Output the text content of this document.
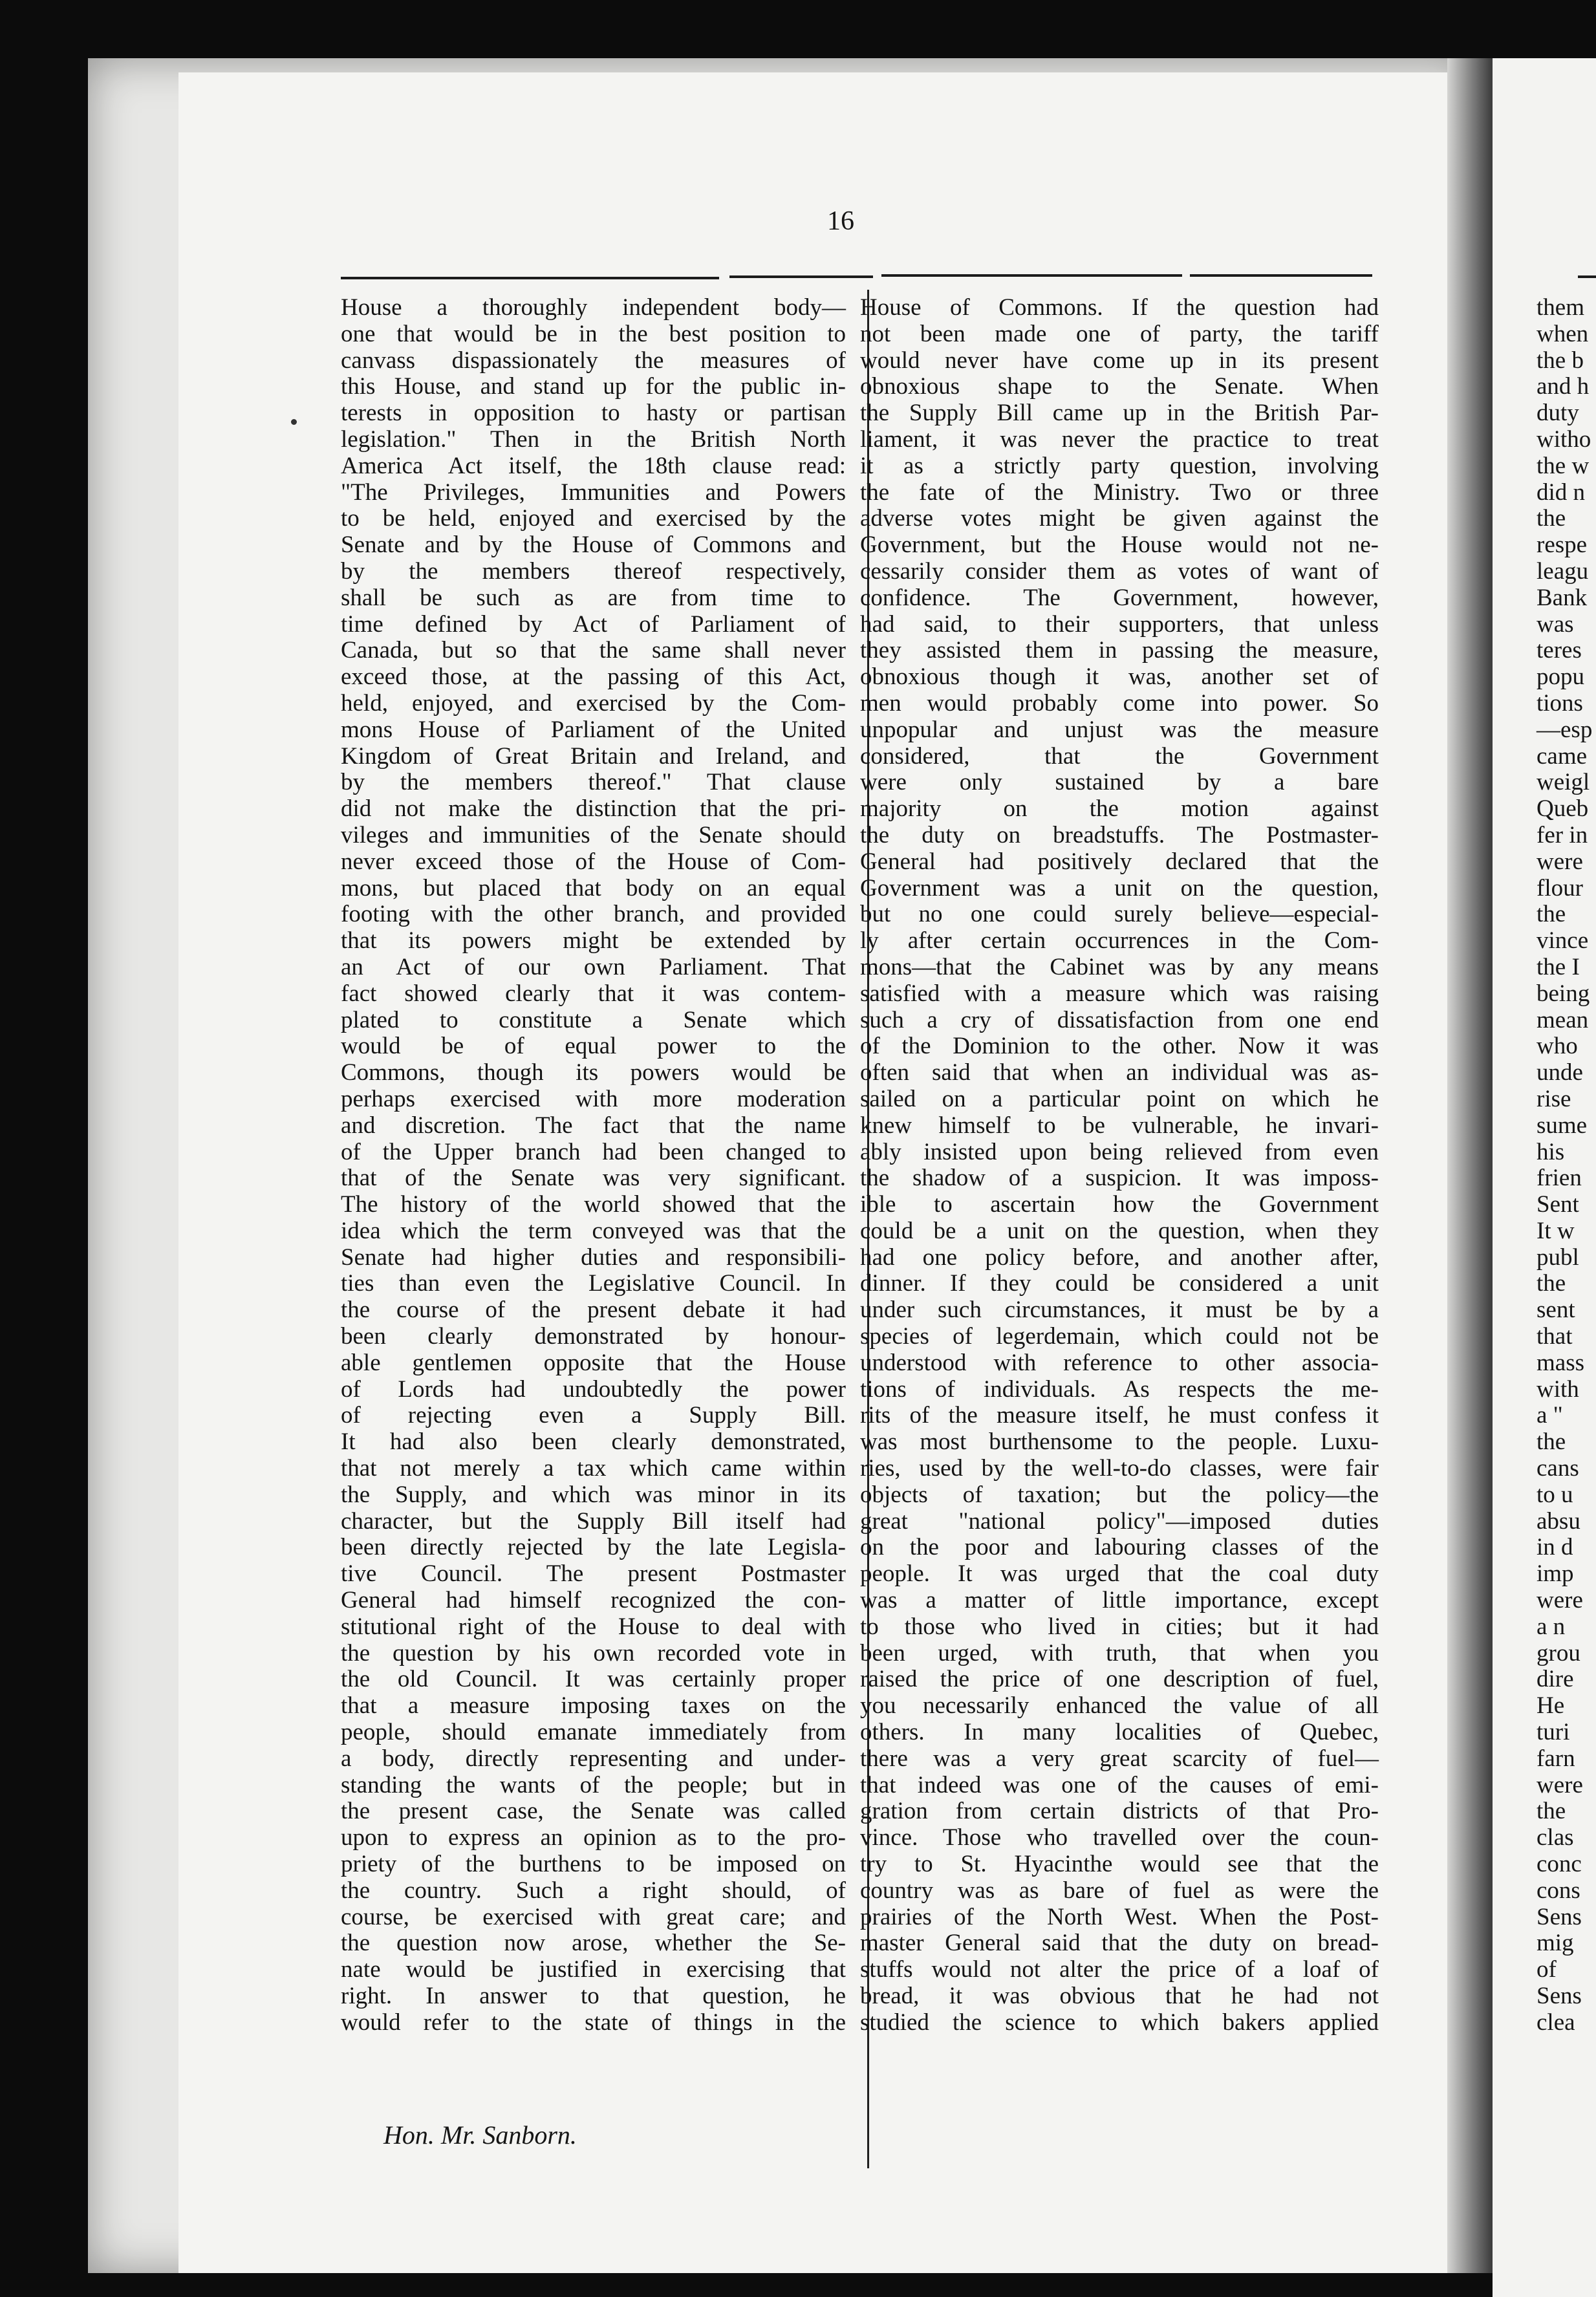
16
House a thoroughly independent body—
one that would be in the best position to
canvass dispassionately the measures of
this House, and stand up for the public in-
terests in opposition to hasty or partisan
legislation." Then in the British North
America Act itself, the 18th clause read:
"The Privileges, Immunities and Powers
to be held, enjoyed and exercised by the
Senate and by the House of Commons and
by the members thereof respectively,
shall be such as are from time to
time defined by Act of Parliament of
Canada, but so that the same shall never
exceed those, at the passing of this Act,
held, enjoyed, and exercised by the Com-
mons House of Parliament of the United
Kingdom of Great Britain and Ireland, and
by the members thereof." That clause
did not make the distinction that the pri-
vileges and immunities of the Senate should
never exceed those of the House of Com-
mons, but placed that body on an equal
footing with the other branch, and provided
that its powers might be extended by
an Act of our own Parliament. That
fact showed clearly that it was contem-
plated to constitute a Senate which
would be of equal power to the
Commons, though its powers would be
perhaps exercised with more moderation
and discretion. The fact that the name
of the Upper branch had been changed to
that of the Senate was very significant.
The history of the world showed that the
idea which the term conveyed was that the
Senate had higher duties and responsibili-
ties than even the Legislative Council. In
the course of the present debate it had
been clearly demonstrated by honour-
able gentlemen opposite that the House
of Lords had undoubtedly the power
of rejecting even a Supply Bill.
It had also been clearly demonstrated,
that not merely a tax which came within
the Supply, and which was minor in its
character, but the Supply Bill itself had
been directly rejected by the late Legisla-
tive Council. The present Postmaster
General had himself recognized the con-
stitutional right of the House to deal with
the question by his own recorded vote in
the old Council. It was certainly proper
that a measure imposing taxes on the
people, should emanate immediately from
a body, directly representing and under-
standing the wants of the people; but in
the present case, the Senate was called
upon to express an opinion as to the pro-
priety of the burthens to be imposed on
the country. Such a right should, of
course, be exercised with great care; and
the question now arose, whether the Se-
nate would be justified in exercising that
right. In answer to that question, he
would refer to the state of things in the
House of Commons. If the question had
not been made one of party, the tariff
would never have come up in its present
obnoxious shape to the Senate. When
the Supply Bill came up in the British Par-
liament, it was never the practice to treat
it as a strictly party question, involving
the fate of the Ministry. Two or three
adverse votes might be given against the
Government, but the House would not ne-
cessarily consider them as votes of want of
confidence. The Government, however,
had said, to their supporters, that unless
they assisted them in passing the measure,
obnoxious though it was, another set of
men would probably come into power. So
unpopular and unjust was the measure
considered, that the Government
were only sustained by a bare
majority on the motion against
the duty on breadstuffs. The Postmaster-
General had positively declared that the
Government was a unit on the question,
but no one could surely believe—especial-
ly after certain occurrences in the Com-
mons—that the Cabinet was by any means
satisfied with a measure which was raising
such a cry of dissatisfaction from one end
of the Dominion to the other. Now it was
often said that when an individual was as-
sailed on a particular point on which he
knew himself to be vulnerable, he invari-
ably insisted upon being relieved from even
the shadow of a suspicion. It was imposs-
ible to ascertain how the Government
could be a unit on the question, when they
had one policy before, and another after,
dinner. If they could be considered a unit
under such circumstances, it must be by a
species of legerdemain, which could not be
understood with reference to other associa-
tions of individuals. As respects the me-
rits of the measure itself, he must confess it
was most burthensome to the people. Luxu-
ries, used by the well-to-do classes, were fair
objects of taxation; but the policy—the
great "national policy"—imposed duties
on the poor and labouring classes of the
people. It was urged that the coal duty
was a matter of little importance, except
to those who lived in cities; but it had
been urged, with truth, that when you
raised the price of one description of fuel,
you necessarily enhanced the value of all
others. In many localities of Quebec,
there was a very great scarcity of fuel—
that indeed was one of the causes of emi-
gration from certain districts of that Pro-
vince. Those who travelled over the coun-
try to St. Hyacinthe would see that the
country was as bare of fuel as were the
prairies of the North West. When the Post-
master General said that the duty on bread-
stuffs would not alter the price of a loaf of
bread, it was obvious that he had not
studied the science to which bakers applied
them
when
the b
and h
duty
witho
the w
did n
the
respe
leagu
Bank
was
teres
popu
tions
—esp
came
weigl
Queb
fer in
were
flour
the
vince
the I
being
mean
who
unde
rise
sume
his
frien
Sent
It w
publ
the
sent
that
mass
with
a "
the
cans
to u
absu
in d
imp
were
a n
grou
dire
He
turi
farn
were
the
clas
conc
cons
Sens
mig
of
Sens
clea
Hon. Mr. Sanborn.
